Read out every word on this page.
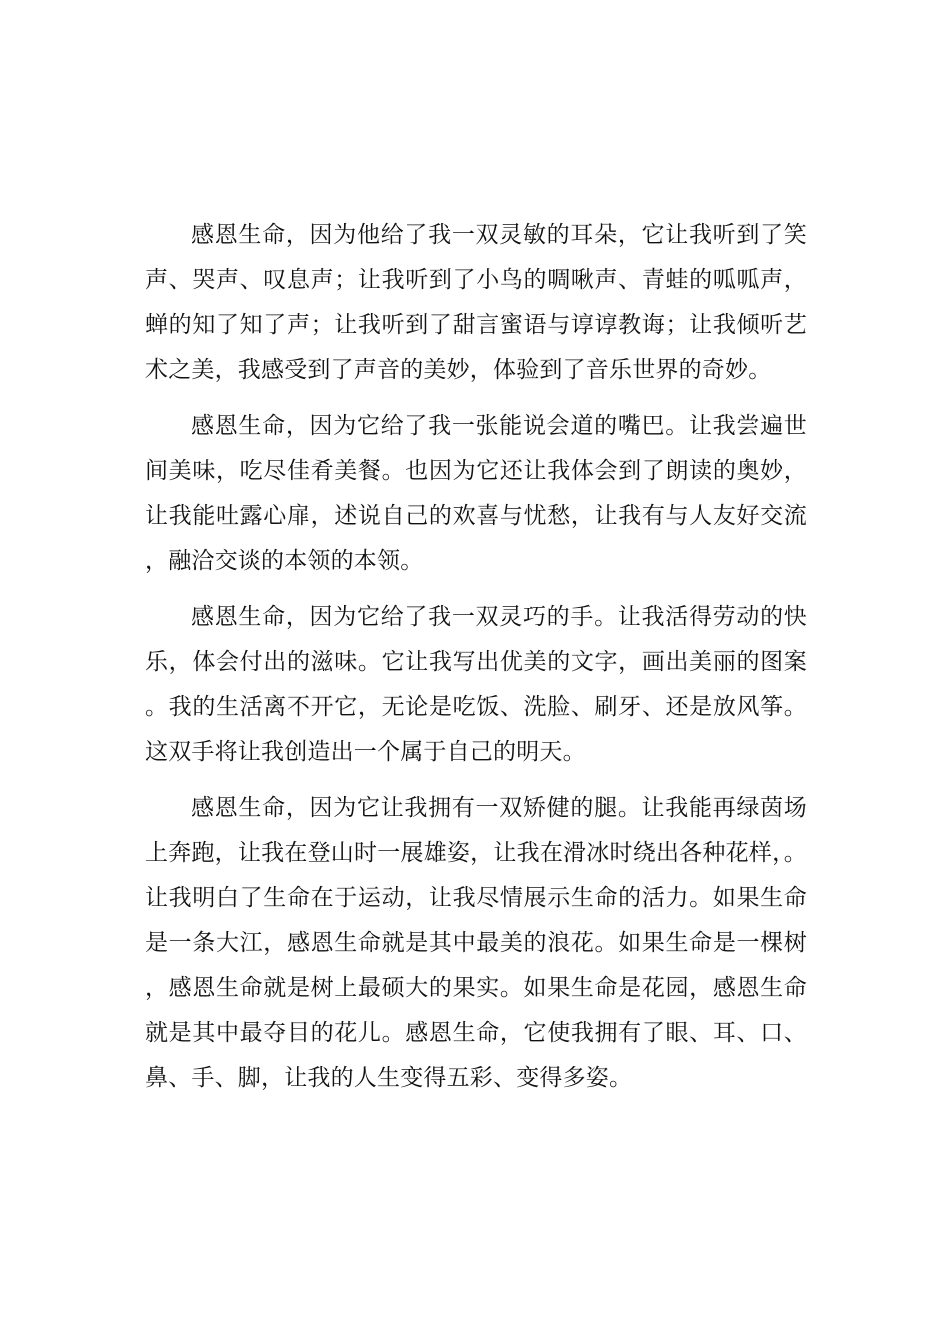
感恩生命，因为他给了我一双灵敏的耳朵，它让我听到了笑声、哭声、叹息声；让我听到了小鸟的啁啾声、青蛙的呱呱声，蝉的知了知了声；让我听到了甜言蜜语与谆谆教诲；让我倾听艺术之美，我感受到了声音的美妙，体验到了音乐世界的奇妙。

感恩生命，因为它给了我一张能说会道的嘴巴。让我尝遍世间美味，吃尽佳肴美餐。也因为它还让我体会到了朗读的奥妙，让我能吐露心扉，述说自己的欢喜与忧愁，让我有与人友好交流，融洽交谈的本领的本领。

感恩生命，因为它给了我一双灵巧的手。让我活得劳动的快乐，体会付出的滋味。它让我写出优美的文字，画出美丽的图案。我的生活离不开它，无论是吃饭、洗脸、刷牙、还是放风筝。这双手将让我创造出一个属于自己的明天。

感恩生命，因为它让我拥有一双矫健的腿。让我能再绿茵场上奔跑，让我在登山时一展雄姿，让我在滑冰时绕出各种花样，。让我明白了生命在于运动，让我尽情展示生命的活力。如果生命是一条大江，感恩生命就是其中最美的浪花。如果生命是一棵树，感恩生命就是树上最硕大的果实。如果生命是花园，感恩生命就是其中最夺目的花儿。感恩生命，它使我拥有了眼、耳、口、鼻、手、脚，让我的人生变得五彩、变得多姿。
